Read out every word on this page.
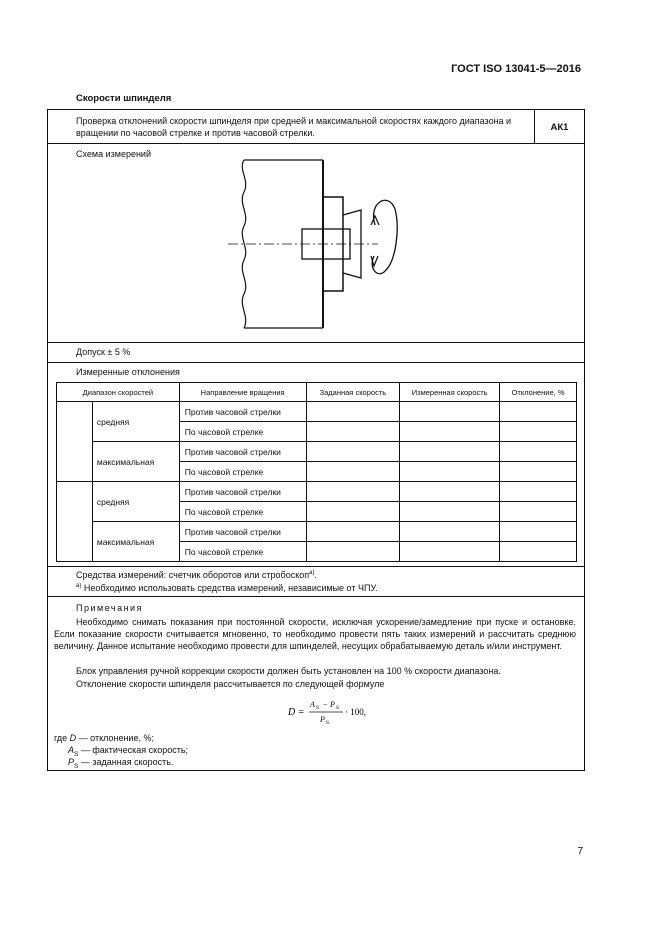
ГОСТ ISO 13041-5—2016
Скорости шпинделя
Проверка отклонений скорости шпинделя при средней и максимальной скоростях каждого диапазона и вращении по часовой стрелке и против часовой стрелки.
АК1
Схема измерений
Допуск ± 5 %
Измеренные отклонения
Диапазон скоростей		Направление вращения	Заданная скорость	Измеренная скорость	Отклонение, %
	средняя	Против часовой стрелки			
		По часовой стрелке			
	максимальная	Против часовой стрелки			
		По часовой стрелке			
	средняя	Против часовой стрелки			
		По часовой стрелке			
	максимальная	Против часовой стрелки			
		По часовой стрелке			
Средства измерений: счетчик оборотов или стробоскоп$^{а)}$.
$^{а)}$ Необходимо использовать средства измерений, независимые от ЧПУ.
Примечания
Необходимо снимать показания при постоянной скорости, исключая ускорение/замедление при пуске и остановке. Если показание скорости считывается мгновенно, то необходимо провести пять таких измерений и рассчитать среднюю величину. Данное испытание необходимо провести для шпинделей, несущих обрабатываемую деталь и/или инструмент.
Блок управления ручной коррекции скорости должен быть установлен на 100 % скорости диапазона.
Отклонение скорости шпинделя рассчитывается по следующей формуле
D =
A S − P S
P S
· 100,
где D — отклонение, %;
$A_S$ — фактическая скорость;
$P_S$ — заданная скорость.
7
